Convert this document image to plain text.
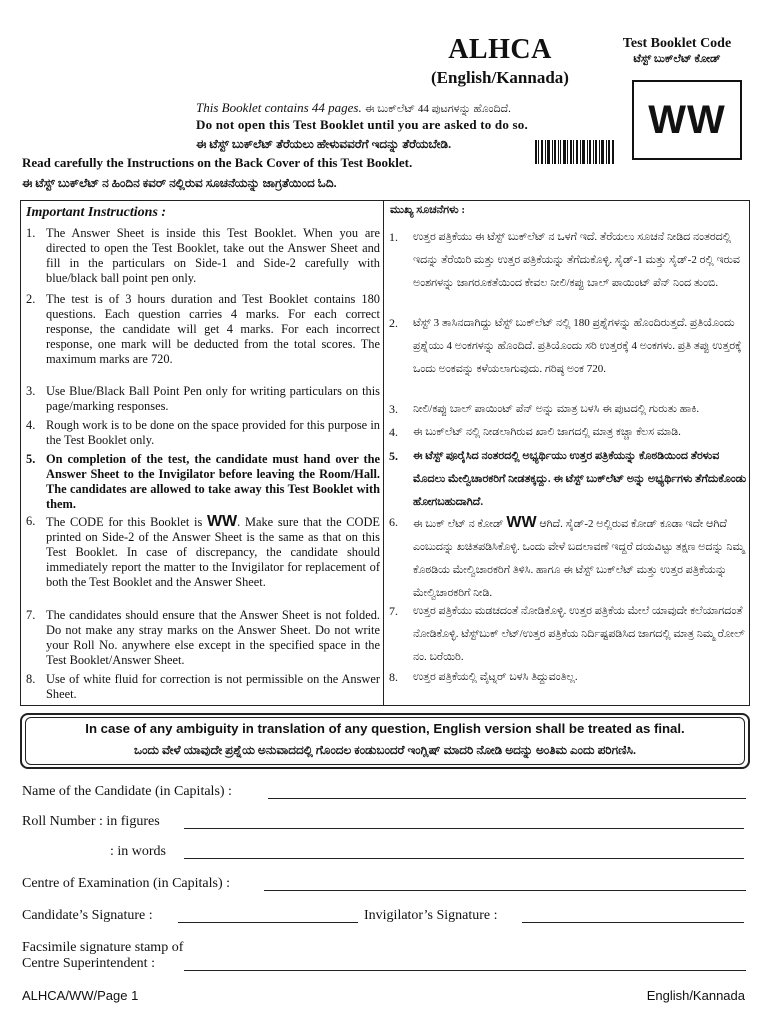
ALHCA
(English/Kannada)
Test Booklet Code
ಟೆಸ್ಟ್ ಬುಕ್‌ಲೆಟ್ ಕೋಡ್
WW
This Booklet contains 44 pages. ಈ ಬುಕ್‌ಲೆಟ್ 44 ಪುಟಗಳನ್ನು ಹೊಂದಿದೆ.
Do not open this Test Booklet until you are asked to do so.
ಈ ಟೆಸ್ಟ್ ಬುಕ್‌ಲೆಟ್ ತೆರೆಯಲು ಹೇಳುವವರೆಗೆ ಇದನ್ನು ತೆರೆಯಬೇಡಿ.
Read carefully the Instructions on the Back Cover of this Test Booklet.
ಈ ಟೆಸ್ಟ್ ಬುಕ್‌ಲೆಟ್ ನ ಹಿಂದಿನ ಕವರ್ ನಲ್ಲಿರುವ ಸೂಚನೆಯನ್ನು ಜಾಗ್ರತೆಯಿಂದ ಓದಿ.
Important Instructions :	ಮುಖ್ಯ ಸೂಚನೆಗಳು :
1. The Answer Sheet is inside this Test Booklet. When you are directed to open the Test Booklet, take out the Answer Sheet and fill in the particulars on Side-1 and Side-2 carefully with blue/black ball point pen only.
2. The test is of 3 hours duration and Test Booklet contains 180 questions. Each question carries 4 marks. For each correct response, the candidate will get 4 marks. For each incorrect response, one mark will be deducted from the total scores. The maximum marks are 720.
3. Use Blue/Black Ball Point Pen only for writing particulars on this page/marking responses.
4. Rough work is to be done on the space provided for this purpose in the Test Booklet only.
5. On completion of the test, the candidate must hand over the Answer Sheet to the Invigilator before leaving the Room/Hall. The candidates are allowed to take away this Test Booklet with them.
6. The CODE for this Booklet is WW. Make sure that the CODE printed on Side-2 of the Answer Sheet is the same as that on this Test Booklet. In case of discrepancy, the candidate should immediately report the matter to the Invigilator for replacement of both the Test Booklet and the Answer Sheet.
7. The candidates should ensure that the Answer Sheet is not folded. Do not make any stray marks on the Answer Sheet. Do not write your Roll No. anywhere else except in the specified space in the Test Booklet/Answer Sheet.
8. Use of white fluid for correction is not permissible on the Answer Sheet.
1.	ಉತ್ತರ ಪತ್ರಿಕೆಯು ಈ ಟೆಸ್ಟ್ ಬುಕ್‌ಲೆಟ್ ನ ಒಳಗೆ ಇದೆ. ತೆರೆಯಲು ಸೂಚನೆ ನೀಡಿದ ನಂತರದಲ್ಲಿ ಇದನ್ನು ತೆರೆಯಿರಿ ಮತ್ತು ಉತ್ತರ ಪತ್ರಿಕೆಯನ್ನು ತೆಗೆದುಕೊಳ್ಳಿ. ಸೈಡ್-1 ಮತ್ತು ಸೈಡ್-2 ರಲ್ಲಿ ಇರುವ ಅಂಶಗಳನ್ನು ಜಾಗರೂಕತೆಯಿಂದ ಕೇವಲ ನೀಲಿ/ಕಪ್ಪು ಬಾಲ್ ಪಾಯಿಂಟ್ ಪೆನ್ ನಿಂದ ತುಂಬಿ.
2.	ಟೆಸ್ಟ್ 3 ತಾಸಿನದಾಗಿದ್ದು ಟೆಸ್ಟ್ ಬುಕ್‌ಲೆಟ್ ನಲ್ಲಿ 180 ಪ್ರಶ್ನೆಗಳನ್ನು ಹೊಂದಿರುತ್ತದೆ. ಪ್ರತಿಯೊಂದು ಪ್ರಶ್ನೆಯು 4 ಅಂಕಗಳನ್ನು ಹೊಂದಿದೆ. ಪ್ರತಿಯೊಂದು ಸರಿ ಉತ್ತರಕ್ಕೆ 4 ಅಂಕಗಳು. ಪ್ರತಿ ತಪ್ಪು ಉತ್ತರಕ್ಕೆ ಒಂದು ಅಂಕವನ್ನು ಕಳೆಯಲಾಗುವುದು. ಗರಿಷ್ಠ ಅಂಕ 720.
3.	ನೀಲಿ/ಕಪ್ಪು ಬಾಲ್ ಪಾಯಿಂಟ್ ಪೆನ್ ಅನ್ನು ಮಾತ್ರ ಬಳಸಿ ಈ ಪುಟದಲ್ಲಿ ಗುರುತು ಹಾಕಿ.
4.	ಈ ಬುಕ್‌ಲೆಟ್ ನಲ್ಲಿ ನೀಡಲಾಗಿರುವ ಖಾಲಿ ಜಾಗದಲ್ಲಿ ಮಾತ್ರ ಕಚ್ಚಾ ಕೆಲಸ ಮಾಡಿ.
5.	ಈ ಟೆಸ್ಟ್ ಪೂರೈಸಿದ ನಂತರದಲ್ಲಿ ಅಭ್ಯರ್ಥಿಯು ಉತ್ತರ ಪತ್ರಿಕೆಯನ್ನು ಕೊಠಡಿಯಿಂದ ತೆರಳುವ ಮೊದಲು ಮೇಲ್ವಿಚಾರಕರಿಗೆ ನೀಡತಕ್ಕದ್ದು. ಈ ಟೆಸ್ಟ್ ಬುಕ್‌ಲೆಟ್ ಅನ್ನು ಅಭ್ಯರ್ಥಿಗಳು ತೆಗೆದುಕೊಂಡು ಹೋಗಬಹುದಾಗಿದೆ.
6.	ಈ ಬುಕ್ ಲೆಟ್ ನ ಕೋಡ್ WW ಆಗಿದೆ. ಸೈಡ್-2 ಅಲ್ಲಿರುವ ಕೋಡ್ ಕೂಡಾ ಇದೇ ಆಗಿದೆ ಎಂಬುದನ್ನು ಖಚಿತಪಡಿಸಿಕೊಳ್ಳಿ. ಒಂದು ವೇಳೆ ಬದಲಾವಣೆ ಇದ್ದರೆ ದಯವಿಟ್ಟು ತಕ್ಷಣ ಅದನ್ನು ನಿಮ್ಮ ಕೊಠಡಿಯ ಮೇಲ್ವಿಚಾರಕರಿಗೆ ತಿಳಿಸಿ. ಹಾಗೂ ಈ ಟೆಸ್ಟ್ ಬುಕ್‌ಲೆಟ್ ಮತ್ತು ಉತ್ತರ ಪತ್ರಿಕೆಯನ್ನು ಮೇಲ್ವಿಚಾರಕರಿಗೆ ನೀಡಿ.
7.	ಉತ್ತರ ಪತ್ರಿಕೆಯು ಮಡಚದಂತೆ ನೋಡಿಕೊಳ್ಳಿ. ಉತ್ತರ ಪತ್ರಿಕೆಯ ಮೇಲೆ ಯಾವುದೇ ಕಲೆಯಾಗದಂತೆ ನೋಡಿಕೊಳ್ಳಿ. ಟೆಸ್ಟ್‌ಬುಕ್ ಲೆಟ್/ಉತ್ತರ ಪತ್ರಿಕೆಯ ನಿರ್ದಿಷ್ಟಪಡಿಸಿದ ಜಾಗದಲ್ಲಿ ಮಾತ್ರ ನಿಮ್ಮ ರೋಲ್ ನಂ. ಬರೆಯಿರಿ.
8.	ಉತ್ತರ ಪತ್ರಿಕೆಯಲ್ಲಿ ವೈಟ್ನರ್ ಬಳಸಿ ತಿದ್ದುವಂತಿಲ್ಲ.
In case of any ambiguity in translation of any question, English version shall be treated as final.
ಒಂದು ವೇಳೆ ಯಾವುದೇ ಪ್ರಶ್ನೆಯ ಅನುವಾದದಲ್ಲಿ ಗೊಂದಲ ಕಂಡುಬಂದರೆ ಇಂಗ್ಲಿಷ್ ಮಾದರಿ ನೋಡಿ ಅದನ್ನು ಅಂತಿಮ ಎಂದು ಪರಿಗಣಿಸಿ.
Name of the Candidate (in Capitals) :
Roll Number : in figures
: in words
Centre of Examination (in Capitals) :
Candidate’s Signature :	Invigilator’s Signature :
Facsimile signature stamp of
Centre Superintendent :
ALHCA/WW/Page 1	English/Kannada
